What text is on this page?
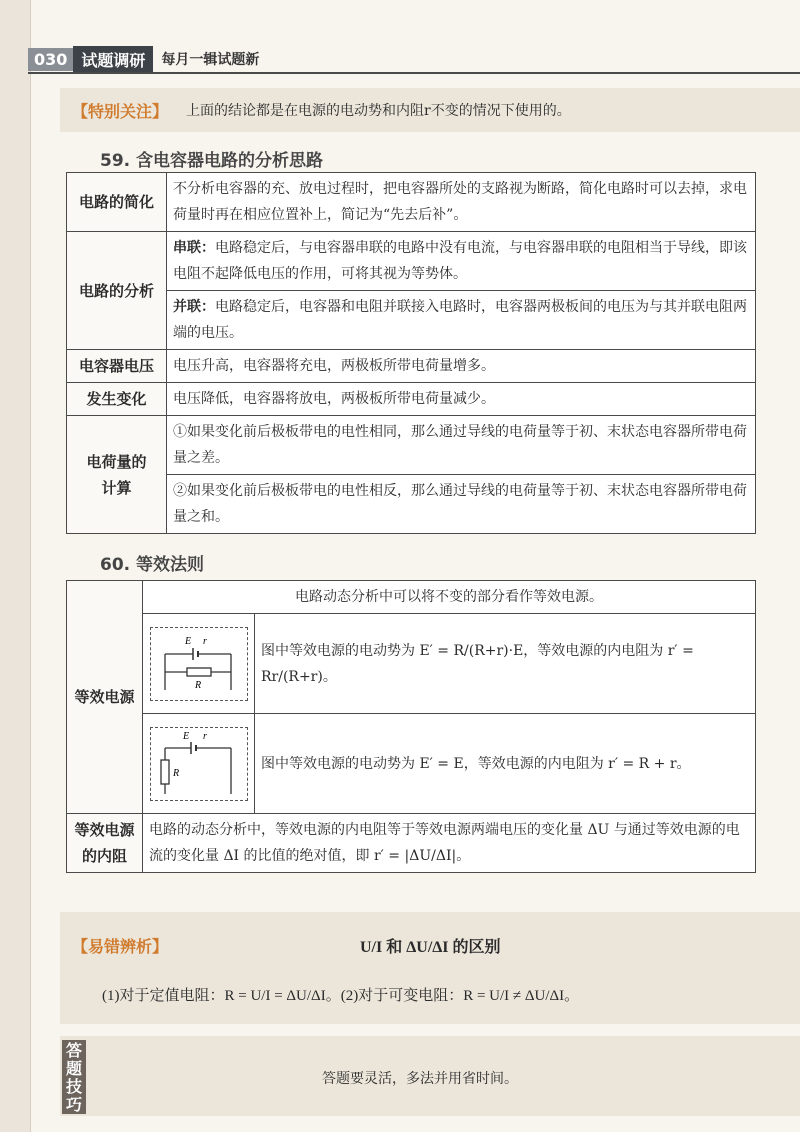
030 试题调研	每月一辑试题新
【特别关注】 上面的结论都是在电源的电动势和内阻r不变的情况下使用的。
59. 含电容器电路的分析思路
电路的简化	不分析电容器的充、放电过程时，把电容器所处的支路视为断路，简化电路时可以去掉，求电荷量时再在相应位置补上，简记为“先去后补”。
电路的分析	串联：电路稳定后，与电容器串联的电路中没有电流，与电容器串联的电阻相当于导线，即该电阻不起降低电压的作用，可将其视为等势体。
	并联：电路稳定后，电容器和电阻并联接入电路时，电容器两极板间的电压为与其并联电阻两端的电压。
电容器电压	电压升高，电容器将充电，两极板所带电荷量增多。
发生变化	电压降低，电容器将放电，两极板所带电荷量减少。

电荷量的
计算	①如果变化前后极板带电的电性相同，那么通过导线的电荷量等于初、末状态电容器所带电荷量之差。
	②如果变化前后极板带电的电性相反，那么通过导线的电荷量等于初、末状态电容器所带电荷量之和。
60. 等效法则
等效电源	电路动态分析中可以将不变的部分看作等效电源。	

E r
R	图中等效电源的电动势为 E′ = R/(R+r)·E，等效电源的内电阻为 r′ = Rr/(R+r)。

E r
R	图中等效电源的电动势为 E′ = E，等效电源的内电阻为 r′ = R + r。

等效电源
的内阻	电路的动态分析中，等效电源的内电阻等于等效电源两端电压的变化量 ΔU 与通过等效电源的电流的变化量 ΔI 的比值的绝对值，即 r′ = |ΔU/ΔI|。	
【易错辨析】	U/I 和 ΔU/ΔI 的区别
(1)对于定值电阻：R = U/I = ΔU/ΔI。(2)对于可变电阻：R = U/I ≠ ΔU/ΔI。
答题要灵活，多法并用省时间。
答题技巧
